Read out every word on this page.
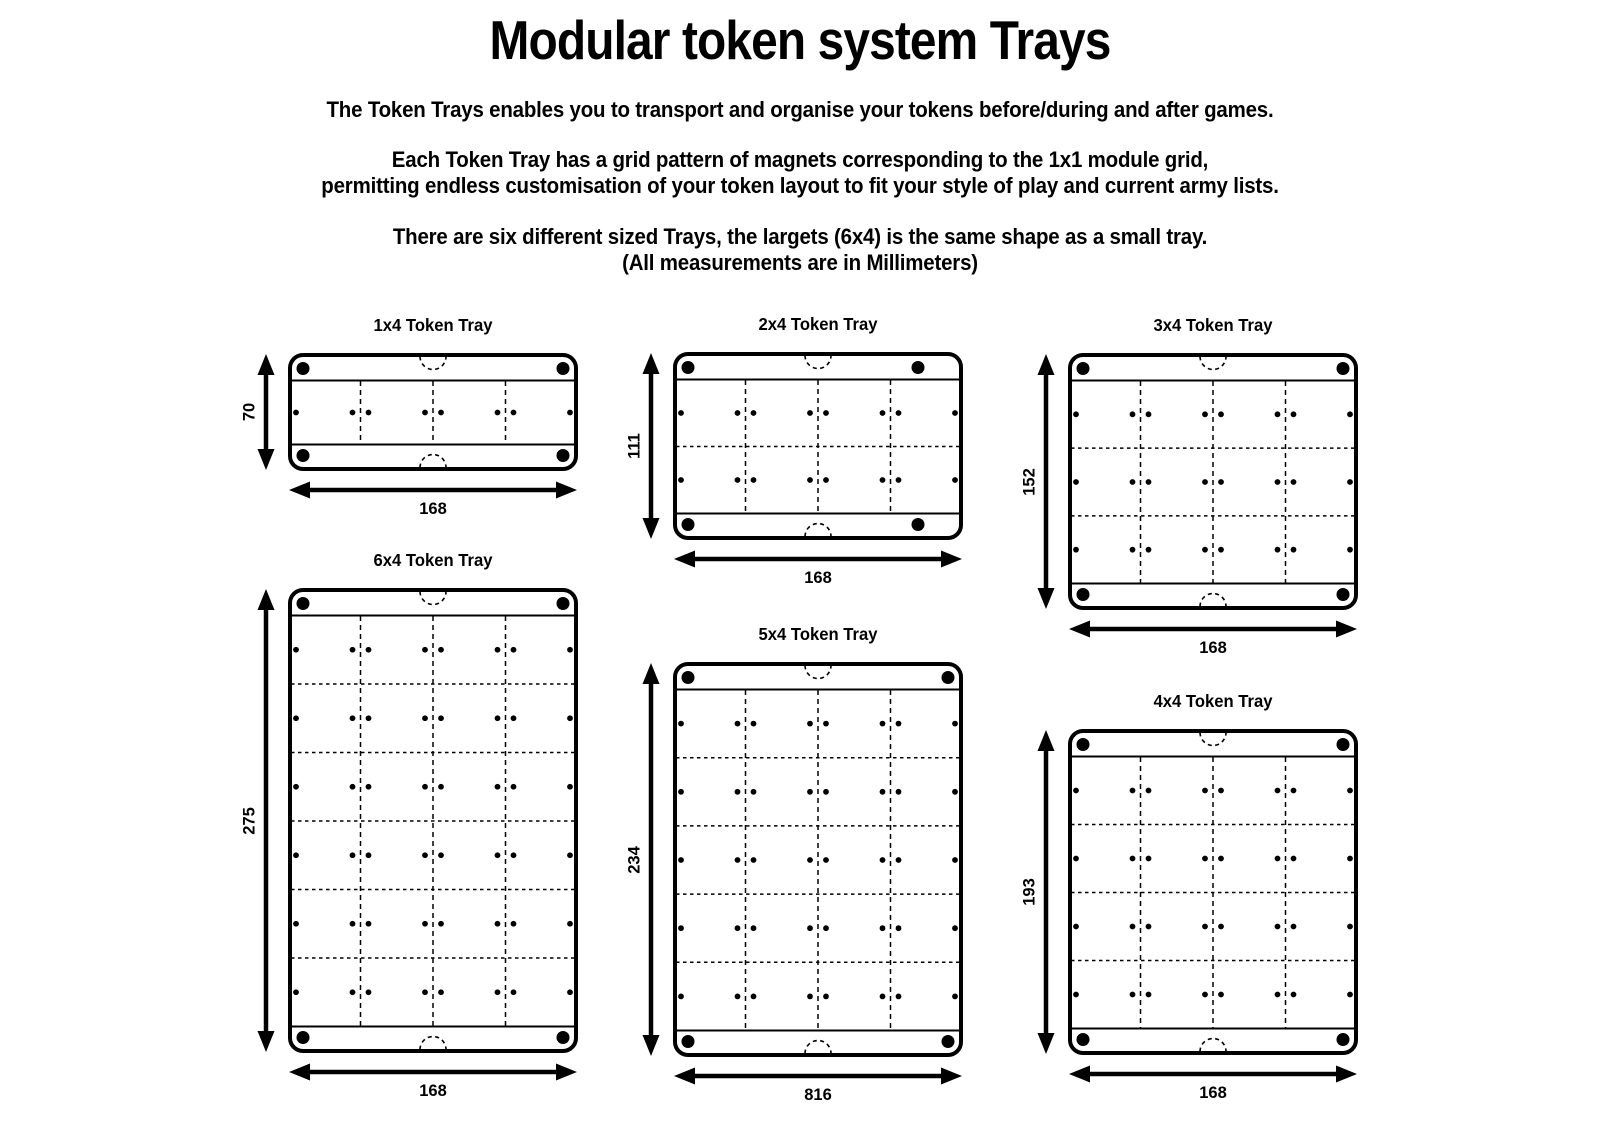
Modular token system Trays
The Token Trays enables you to transport and organise your tokens before/during and after games.
Each Token Tray has a grid pattern of magnets corresponding to the 1x1 module grid,
permitting endless customisation of your token layout to fit your style of play and current army lists.
There are six different sized Trays, the largets (6x4) is the same shape as a small tray.
(All measurements are in Millimeters)
1x4 Token Tray
70
168
2x4 Token Tray
111
168
3x4 Token Tray
152
168
6x4 Token Tray
275
168
5x4 Token Tray
234
816
4x4 Token Tray
193
168
